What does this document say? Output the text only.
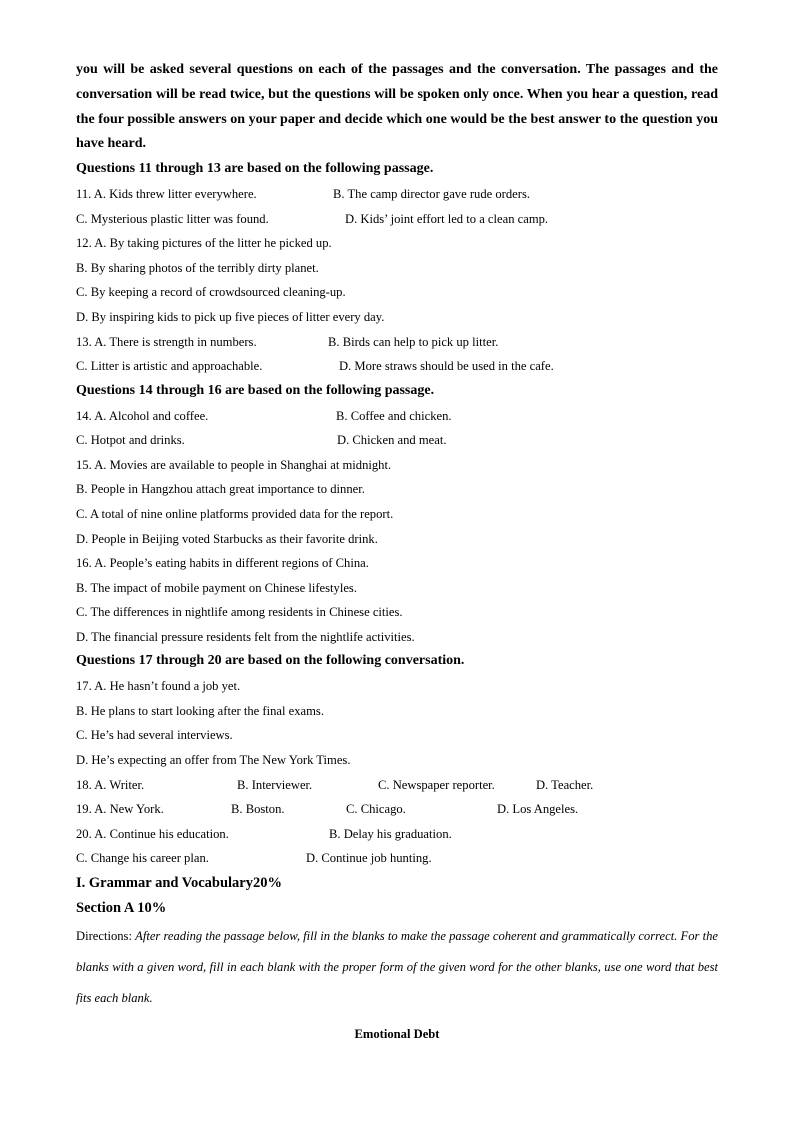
you will be asked several questions on each of the passages and the conversation. The passages and the conversation will be read twice, but the questions will be spoken only once. When you hear a question, read the four possible answers on your paper and decide which one would be the best answer to the question you have heard.

Questions 11 through 13 are based on the following passage.

11. A. Kids threw litter everywhere.	B. The camp director gave rude orders.
C. Mysterious plastic litter was found.	D. Kids’ joint effort led to a clean camp.
12. A. By taking pictures of the litter he picked up.
B. By sharing photos of the terribly dirty planet.
C. By keeping a record of crowdsourced cleaning-up.
D. By inspiring kids to pick up five pieces of litter every day.
13. A. There is strength in numbers.	B. Birds can help to pick up litter.
C. Litter is artistic and approachable.	D. More straws should be used in the cafe.

Questions 14 through 16 are based on the following passage.

14. A. Alcohol and coffee.	B. Coffee and chicken.
C. Hotpot and drinks.	D. Chicken and meat.
15. A. Movies are available to people in Shanghai at midnight.
B. People in Hangzhou attach great importance to dinner.
C. A total of nine online platforms provided data for the report.
D. People in Beijing voted Starbucks as their favorite drink.
16. A. People’s eating habits in different regions of China.
B. The impact of mobile payment on Chinese lifestyles.
C. The differences in nightlife among residents in Chinese cities.
D. The financial pressure residents felt from the nightlife activities.

Questions 17 through 20 are based on the following conversation.

17. A. He hasn’t found a job yet.
B. He plans to start looking after the final exams.
C. He’s had several interviews.
D. He’s expecting an offer from The New York Times.
18. A. Writer.	B. Interviewer.	C. Newspaper reporter.	D. Teacher.
19. A. New York.	B. Boston.	C. Chicago.	D. Los Angeles.
20. A. Continue his education.	B. Delay his graduation.
C. Change his career plan.	D. Continue job hunting.

I. Grammar and Vocabulary20%

Section A 10%

Directions: After reading the passage below, fill in the blanks to make the passage coherent and grammatically correct. For the blanks with a given word, fill in each blank with the proper form of the given word for the other blanks, use one word that best fits each blank.

Emotional Debt
